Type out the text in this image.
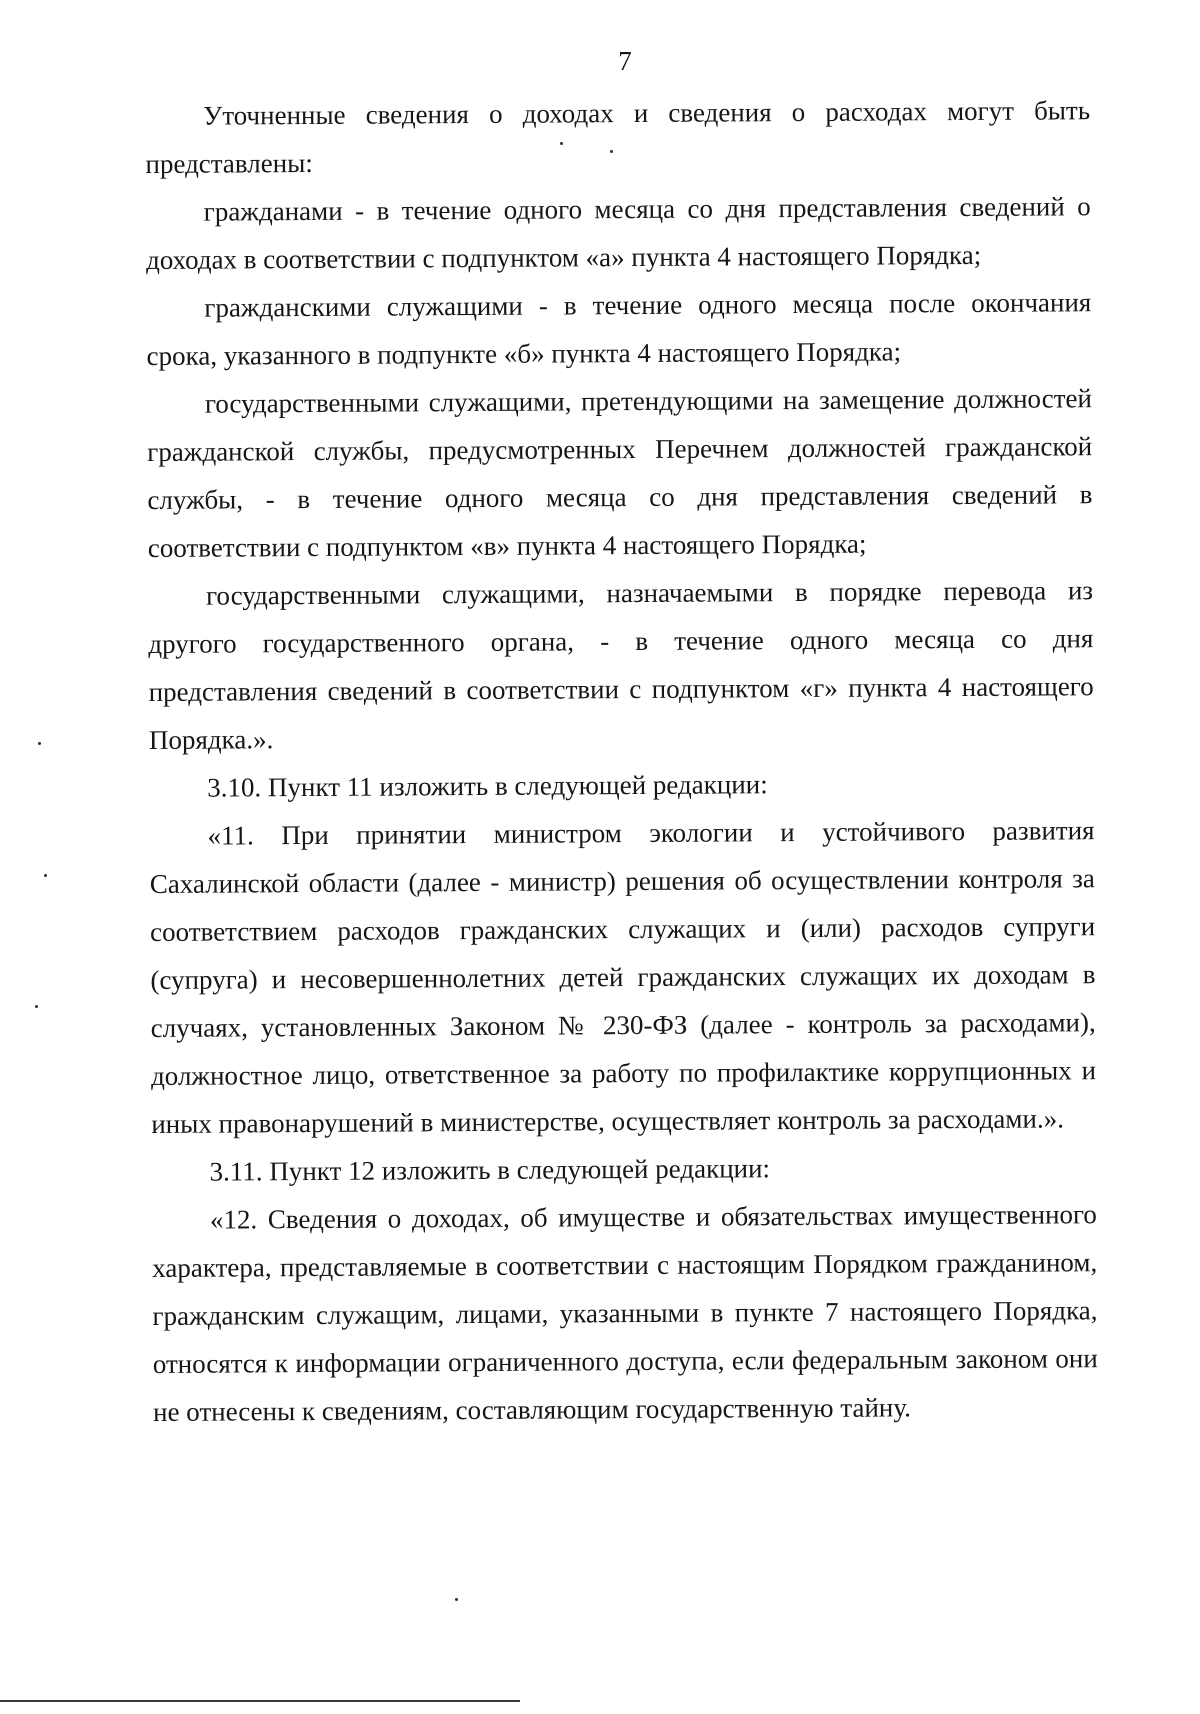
7

Уточненные сведения о доходах и сведения о расходах могут быть представлены:

гражданами - в течение одного месяца со дня представления сведений о доходах в соответствии с подпунктом «а» пункта 4 настоящего Порядка;

гражданскими служащими - в течение одного месяца после окончания срока, указанного в подпункте «б» пункта 4 настоящего Порядка;

государственными служащими, претендующими на замещение должностей гражданской службы, предусмотренных Перечнем должностей гражданской службы, - в течение одного месяца со дня представления сведений в соответствии с подпунктом «в» пункта 4 настоящего Порядка;

государственными служащими, назначаемыми в порядке перевода из другого государственного органа, - в течение одного месяца со дня представления сведений в соответствии с подпунктом «г» пункта 4 настоящего Порядка.».

3.10. Пункт 11 изложить в следующей редакции:

«11. При принятии министром экологии и устойчивого развития Сахалинской области (далее - министр) решения об осуществлении контроля за соответствием расходов гражданских служащих и (или) расходов супруги (супруга) и несовершеннолетних детей гражданских служащих их доходам в случаях, установленных Законом № 230-ФЗ (далее - контроль за расходами), должностное лицо, ответственное за работу по профилактике коррупционных и иных правонарушений в министерстве, осуществляет контроль за расходами.».

3.11. Пункт 12 изложить в следующей редакции:

«12. Сведения о доходах, об имуществе и обязательствах имущественного характера, представляемые в соответствии с настоящим Порядком гражданином, гражданским служащим, лицами, указанными в пункте 7 настоящего Порядка, относятся к информации ограниченного доступа, если федеральным законом они не отнесены к сведениям, составляющим государственную тайну.
